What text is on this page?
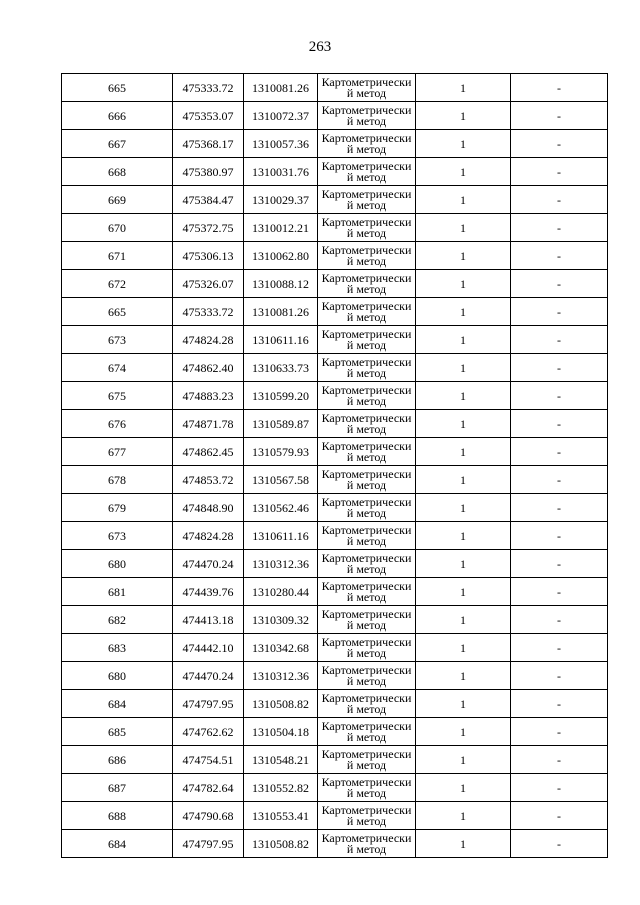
263
665	475333.72	1310081.26	Картометрически
й метод	1	-
666	475353.07	1310072.37	Картометрически
й метод	1	-
667	475368.17	1310057.36	Картометрически
й метод	1	-
668	475380.97	1310031.76	Картометрически
й метод	1	-
669	475384.47	1310029.37	Картометрически
й метод	1	-
670	475372.75	1310012.21	Картометрически
й метод	1	-
671	475306.13	1310062.80	Картометрически
й метод	1	-
672	475326.07	1310088.12	Картометрически
й метод	1	-
665	475333.72	1310081.26	Картометрически
й метод	1	-
673	474824.28	1310611.16	Картометрически
й метод	1	-
674	474862.40	1310633.73	Картометрически
й метод	1	-
675	474883.23	1310599.20	Картометрически
й метод	1	-
676	474871.78	1310589.87	Картометрически
й метод	1	-
677	474862.45	1310579.93	Картометрически
й метод	1	-
678	474853.72	1310567.58	Картометрически
й метод	1	-
679	474848.90	1310562.46	Картометрически
й метод	1	-
673	474824.28	1310611.16	Картометрически
й метод	1	-
680	474470.24	1310312.36	Картометрически
й метод	1	-
681	474439.76	1310280.44	Картометрически
й метод	1	-
682	474413.18	1310309.32	Картометрически
й метод	1	-
683	474442.10	1310342.68	Картометрически
й метод	1	-
680	474470.24	1310312.36	Картометрически
й метод	1	-
684	474797.95	1310508.82	Картометрически
й метод	1	-
685	474762.62	1310504.18	Картометрически
й метод	1	-
686	474754.51	1310548.21	Картометрически
й метод	1	-
687	474782.64	1310552.82	Картометрически
й метод	1	-
688	474790.68	1310553.41	Картометрически
й метод	1	-
684	474797.95	1310508.82	Картометрически
й метод	1	-
